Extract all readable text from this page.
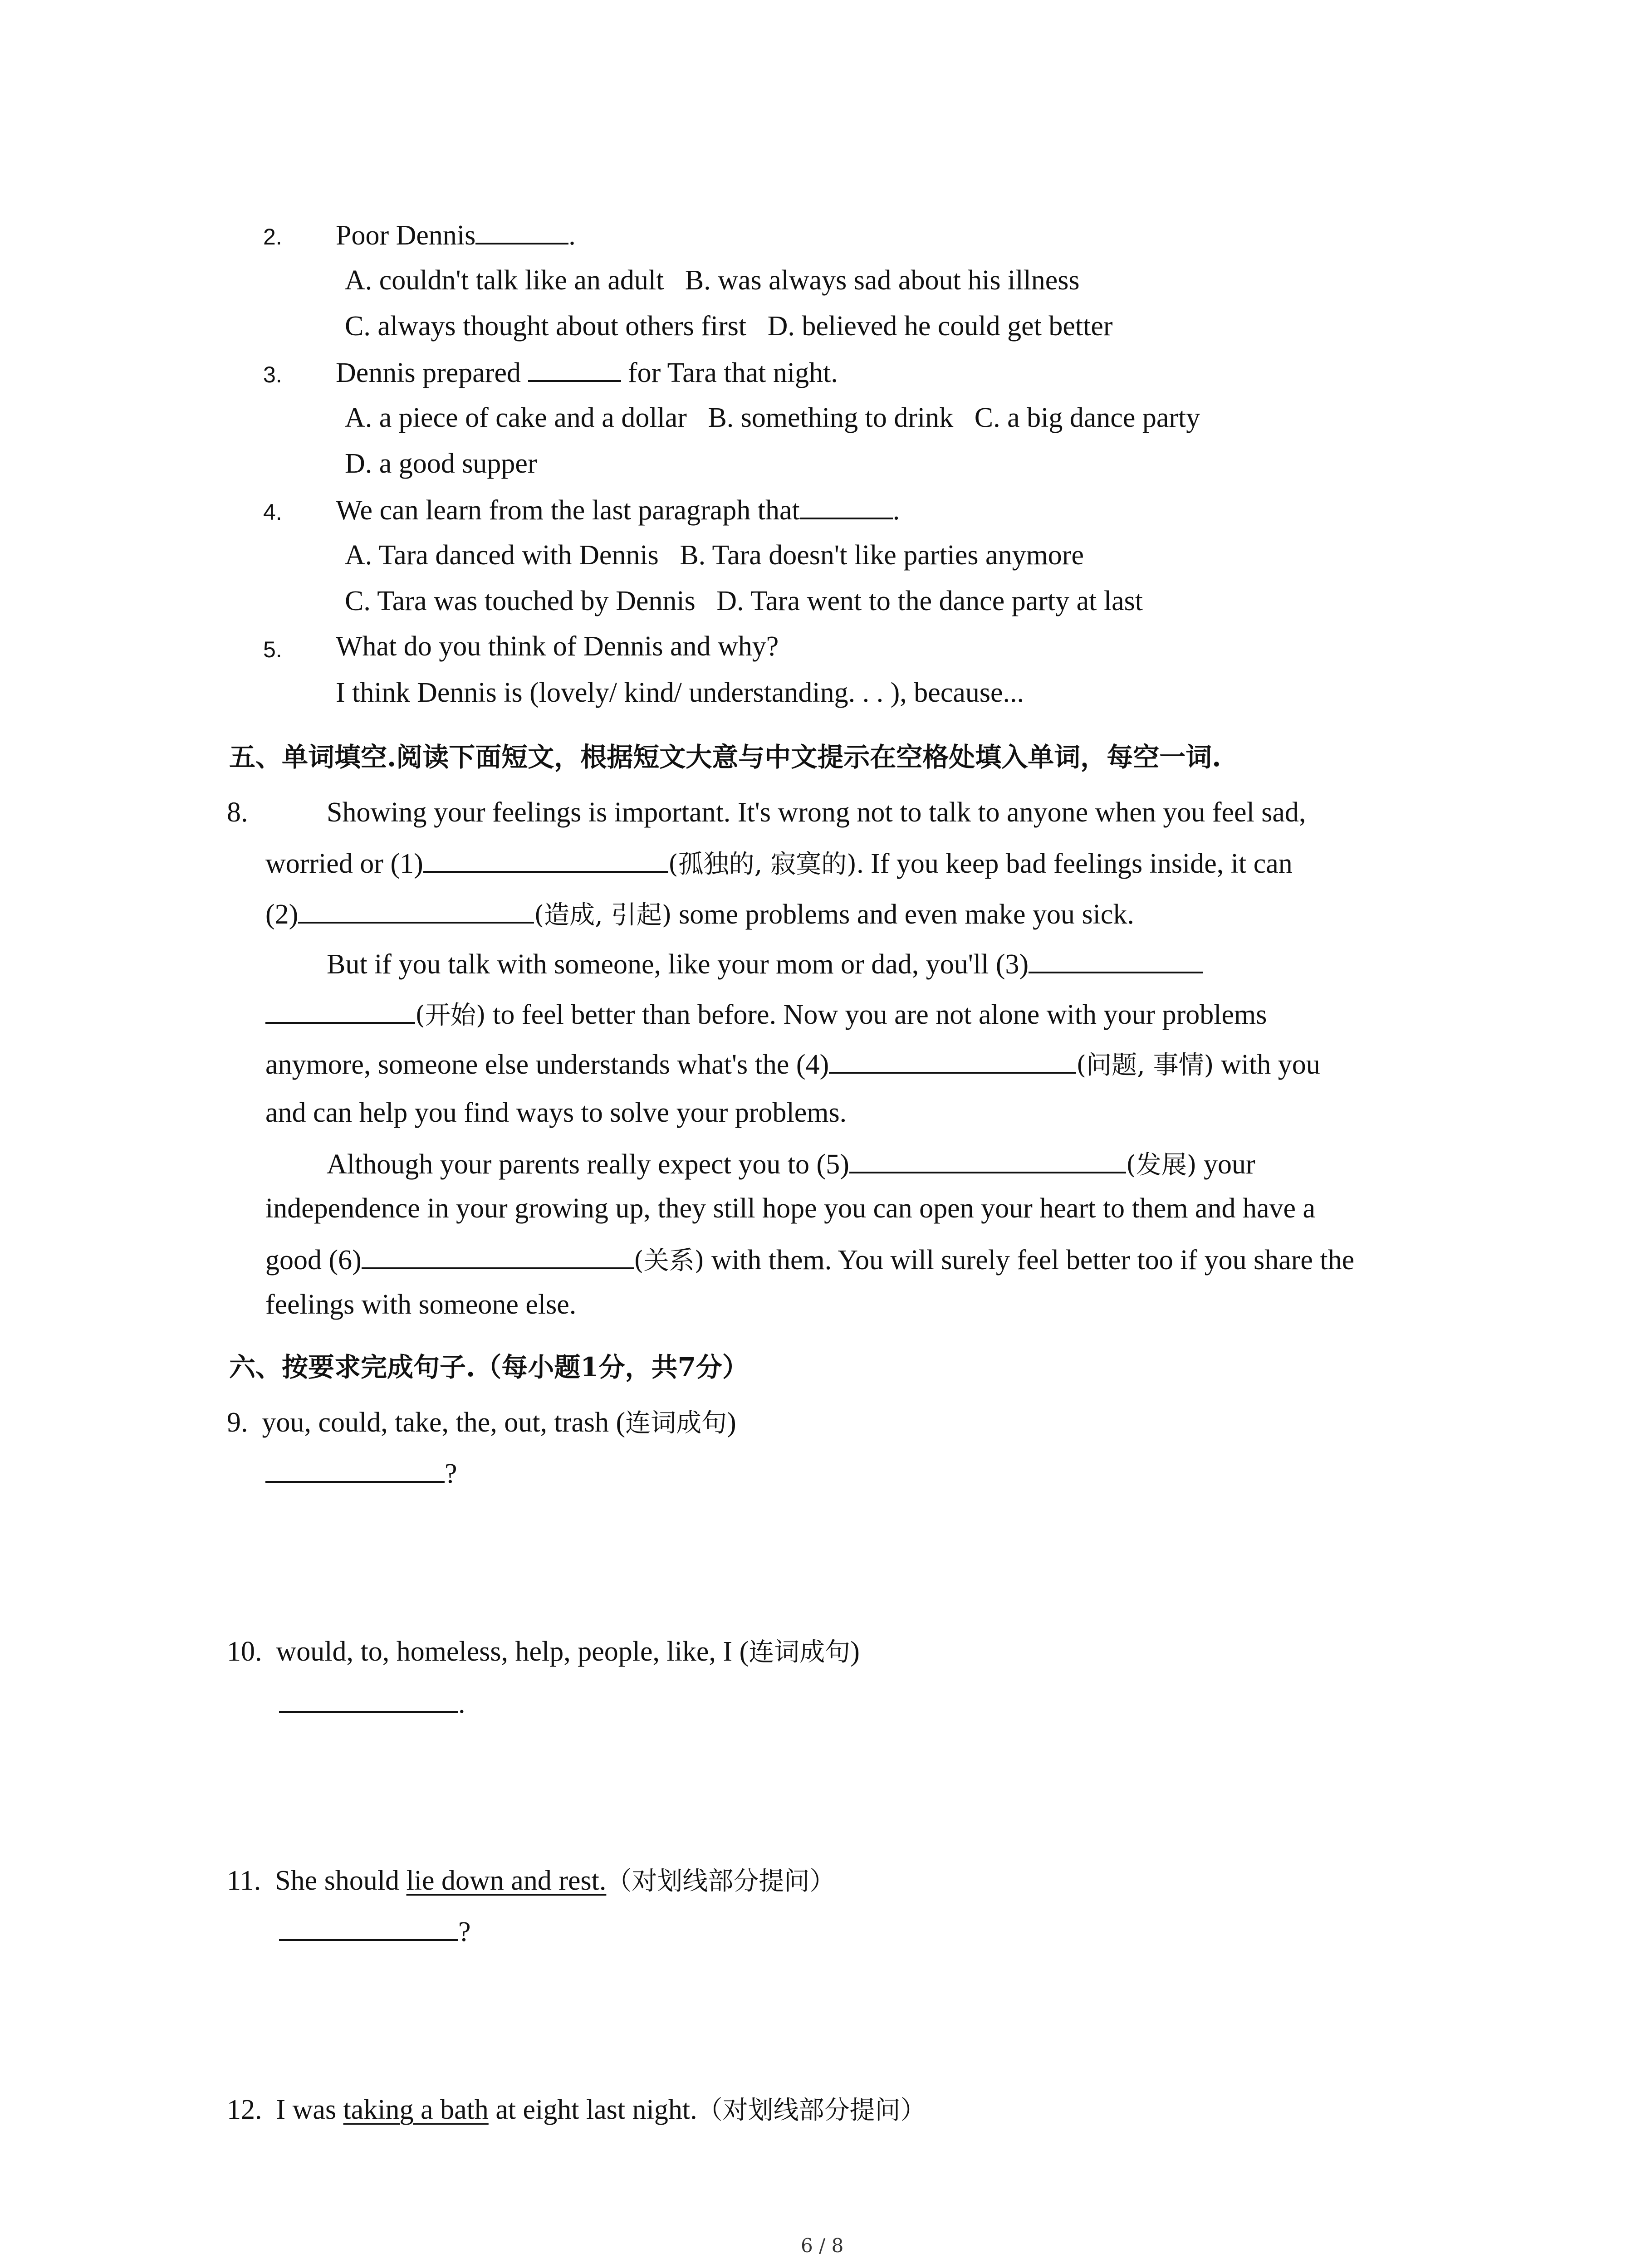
2. Poor Dennis	.
A. couldn't talk like an adult B. was always sad about his illness
C. always thought about others first D. believed he could get better
3. Dennis prepared	for Tara that night.
A. a piece of cake and a dollar B. something to drink C. a big dance party
D. a good supper
4. We can learn from the last paragraph that	.
A. Tara danced with Dennis B. Tara doesn't like parties anymore
C. Tara was touched by Dennis D. Tara went to the dance party at last
5. What do you think of Dennis and why?
I think Dennis is (lovely/ kind/ understanding. . . ), because...
五、单词填空.阅读下面短文，根据短文大意与中文提示在空格处填入单词，每空一词.
8.	Showing your feelings is important. It's wrong not to talk to anyone when you feel sad,
worried or (1)	(孤独的, 寂寞的). If you keep bad feelings inside, it can
(2)	(造成, 引起) some problems and even make you sick.
But if you talk with someone, like your mom or dad, you'll (3)
(开始) to feel better than before. Now you are not alone with your problems
anymore, someone else understands what's the (4)	(问题, 事情) with you
and can help you find ways to solve your problems.
Although your parents really expect you to (5)	(发展) your
independence in your growing up, they still hope you can open your heart to them and have a
good (6)	(关系) with them. You will surely feel better too if you share the
feelings with someone else.
六、按要求完成句子.（每小题1分，共7分）
9. you, could, take, the, out, trash (连词成句)
?
10. would, to, homeless, help, people, like, I (连词成句)
.
11. She should lie down and rest.（对划线部分提问）
?
12. I was taking a bath at eight last night.（对划线部分提问）
6 / 8
